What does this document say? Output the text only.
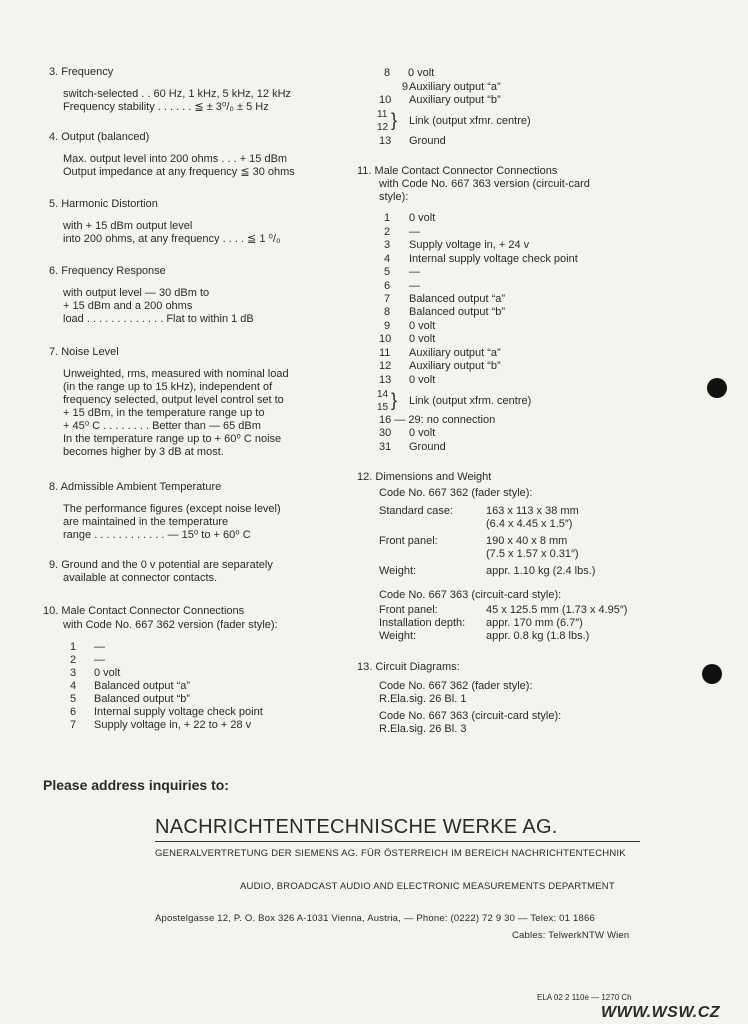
3. Frequency
switch-selected . . 60 Hz, 1 kHz, 5 kHz, 12 kHz
Frequency stability . . . . . . ≦ ± 3⁰/₀ ± 5 Hz
4. Output (balanced)
Max. output level into 200 ohms . . . + 15 dBm
Output impedance at any frequency ≦ 30 ohms
5. Harmonic Distortion
with + 15 dBm output level
into 200 ohms, at any frequency . . . . ≦ 1 ⁰/₀
6. Frequency Response
with output level — 30 dBm to
+ 15 dBm and a 200 ohms
load . . . . . . . . . . . . . Flat to within 1 dB
7. Noise Level
Unweighted, rms, measured with nominal load
(in the range up to 15 kHz), independent of
frequency selected, output level control set to
+ 15 dBm, in the temperature range up to
+ 45⁰ C . . . . . . . . Better than — 65 dBm
In the temperature range up to + 60⁰ C noise
becomes higher by 3 dB at most.
8. Admissible Ambient Temperature
The performance figures (except noise level)
are maintained in the temperature
range . . . . . . . . . . . . — 15⁰ to + 60⁰ C
9. Ground and the 0 v potential are separately
available at connector contacts.
10. Male Contact Connector Connections
with Code No. 667 362 version (fader style):
1 —
2 —
3 0 volt
4 Balanced output “a”
5 Balanced output “b”
6 Internal supply voltage check point
7 Supply voltage in, + 22 to + 28 v
8 0 volt
9 Auxiliary output “a”
10 Auxiliary output “b”
11
12 } Link (output xfmr. centre)
13 Ground
11. Male Contact Connector Connections
with Code No. 667 363 version (circuit-card
style):
1 0 volt
2 —
3 Supply voltage in, + 24 v
4 Internal supply voltage check point
5 —
6 —
7 Balanced output “a”
8 Balanced output “b”
9 0 volt
10 0 volt
11 Auxiliary output “a”
12 Auxiliary output “b”
13 0 volt
14
15 } Link (output xfrm. centre)
16 — 29: no connection
30 0 volt
31 Ground
12. Dimensions and Weight
Code No. 667 362 (fader style):
Standard case:	163 x 113 x 38 mm
(6.4 x 4.45 x 1.5″)
Front panel:	190 x 40 x 8 mm
(7.5 x 1.57 x 0.31″)
Weight:	appr. 1.10 kg (2.4 lbs.)
Code No. 667 363 (circuit-card style):
Front panel:	45 x 125.5 mm (1.73 x 4.95″)
Installation depth: appr. 170 mm (6.7″)
Weight:	appr. 0.8 kg (1.8 lbs.)
13. Circuit Diagrams:
Code No. 667 362 (fader style):
R.Ela.sig. 26 Bl. 1
Code No. 667 363 (circuit-card style):
R.Ela.sig. 26 Bl. 3
Please address inquiries to:
NACHRICHTENTECHNISCHE WERKE AG.
GENERALVERTRETUNG DER SIEMENS AG. FÜR ÖSTERREICH IM BEREICH NACHRICHTENTECHNIK
AUDIO, BROADCAST AUDIO AND ELECTRONIC MEASUREMENTS DEPARTMENT
Apostelgasse 12, P. O. Box 326 A-1031 Vienna, Austria, — Phone: (0222) 72 9 30 — Telex: 01 1866
Cables: TelwerkNTW Wien
ELA 02 2 110e — 1270 Ch
WWW.WSW.CZ
